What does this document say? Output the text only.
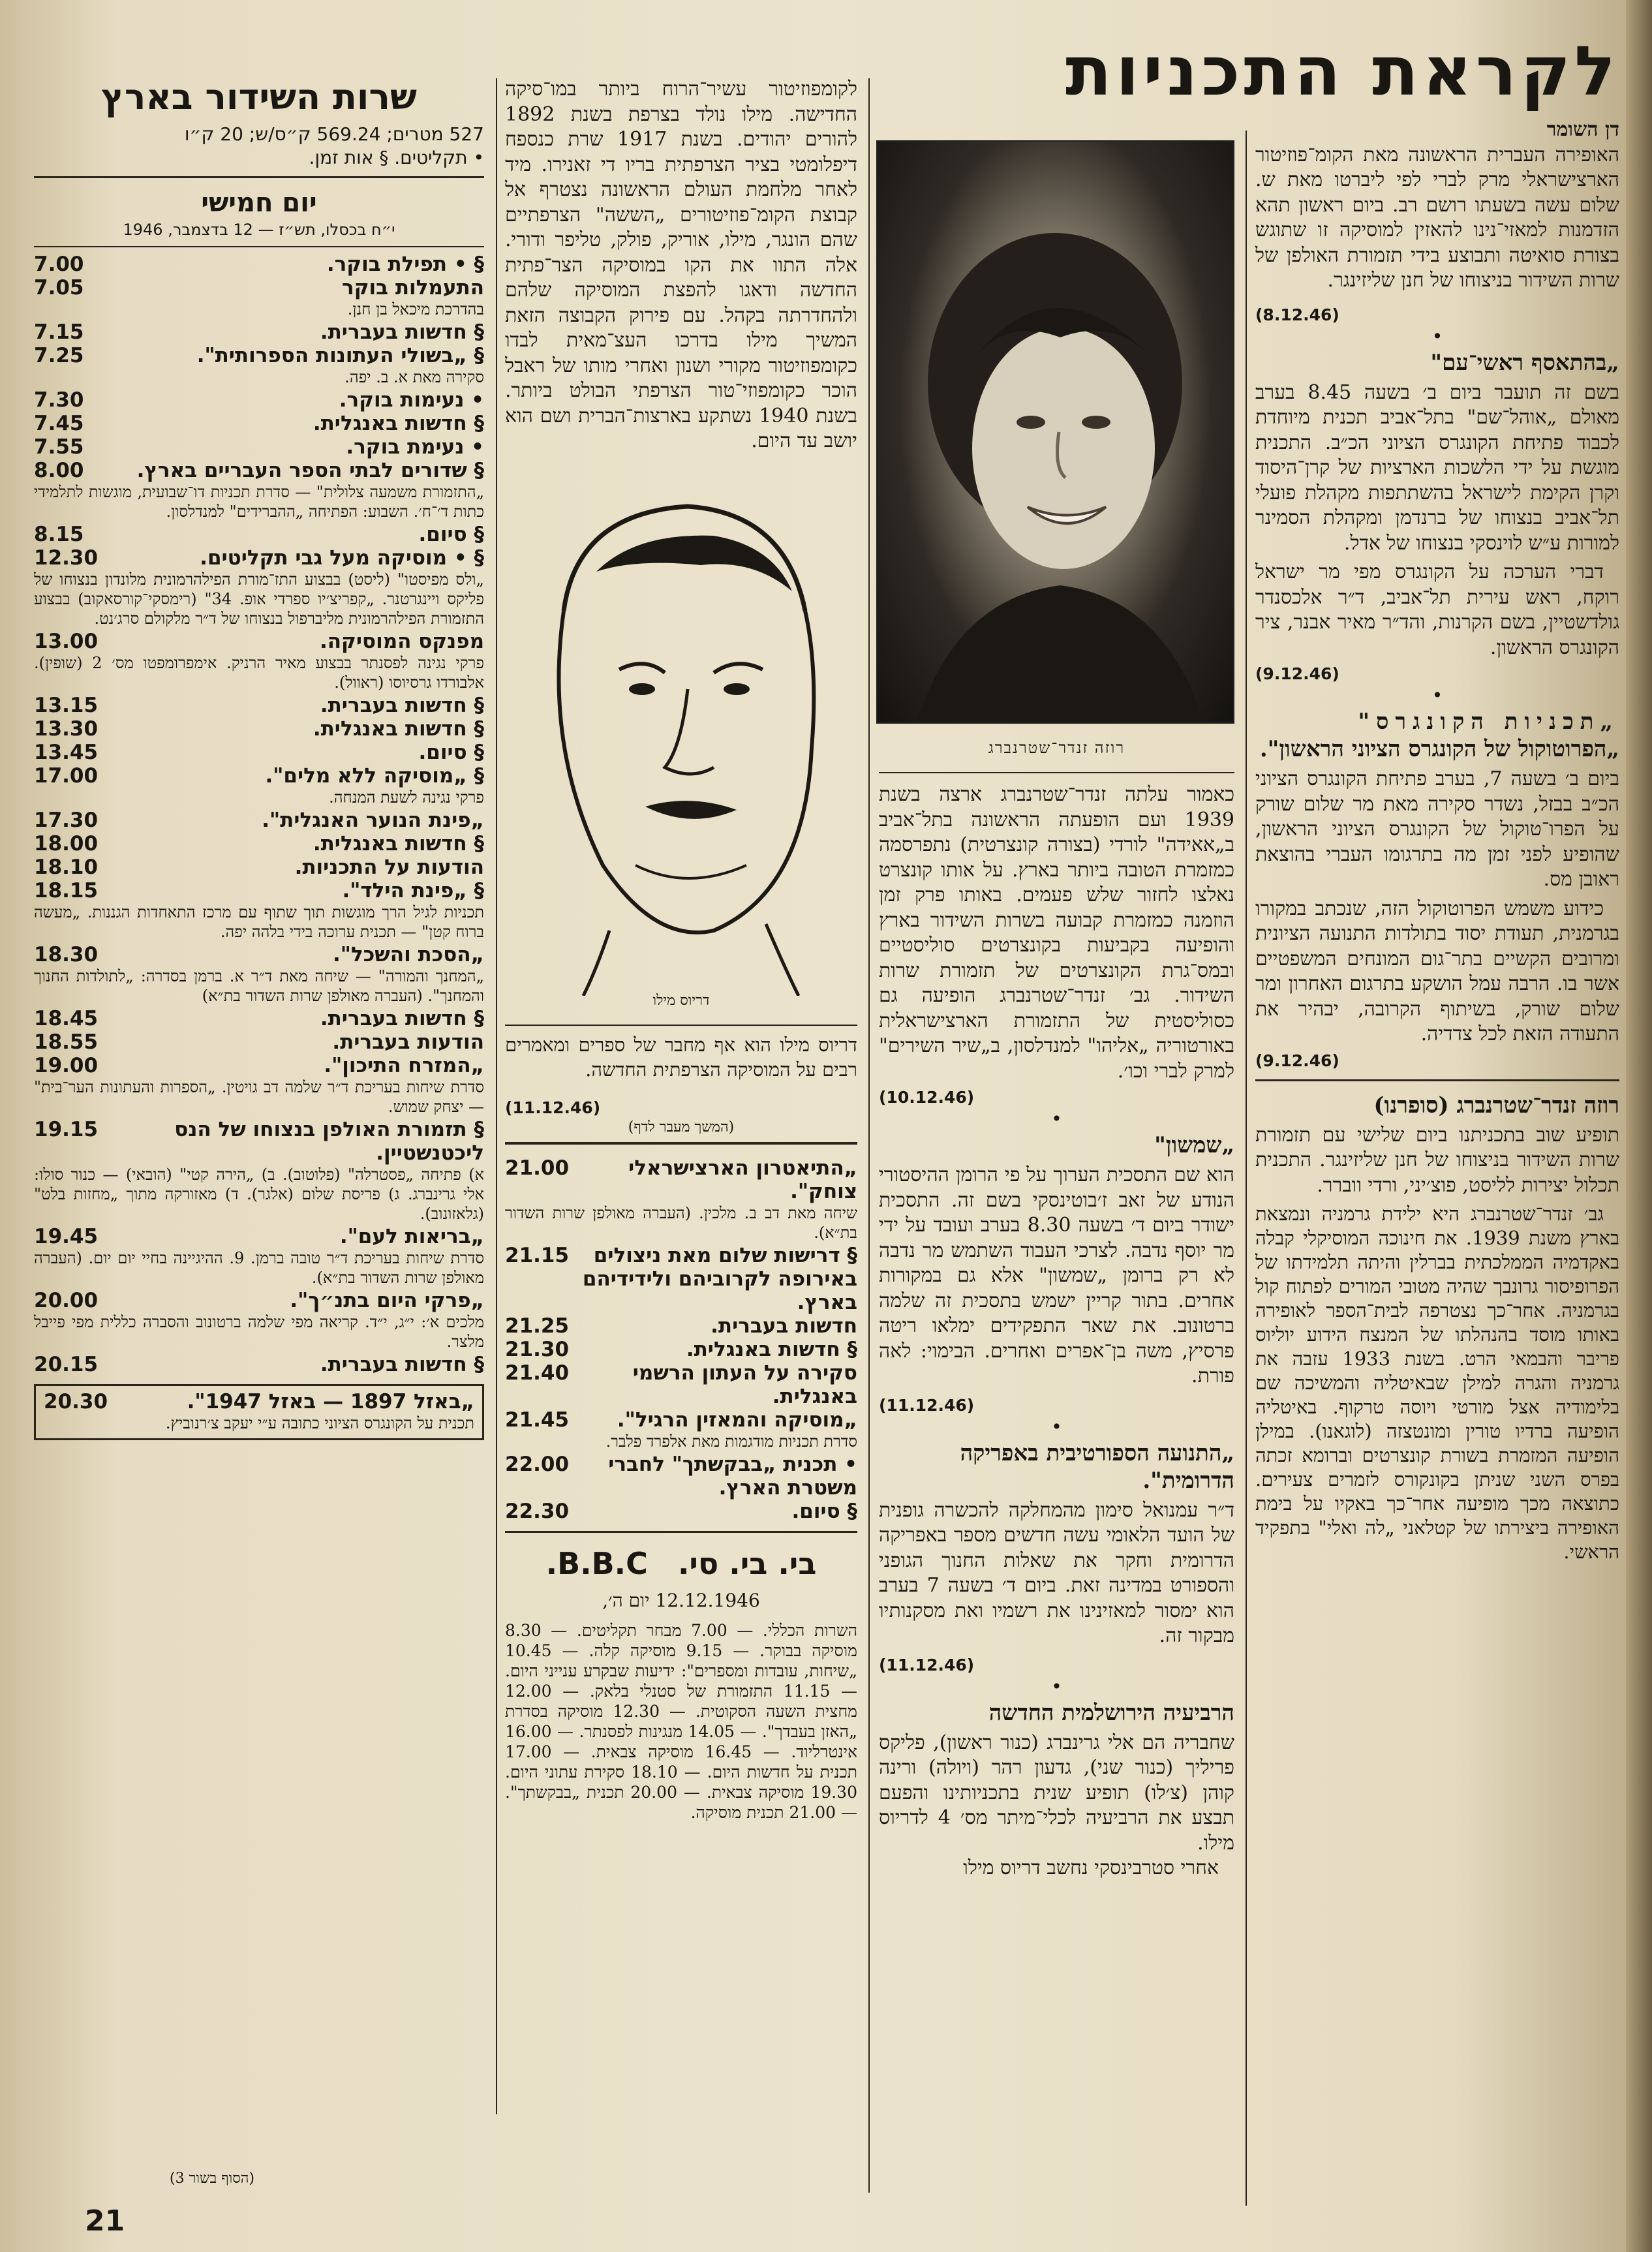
לקראת התכניות

דן השומר

האופירה העברית הראשונה מאת הקומ־פוזיטור הארצישראלי מרק לברי לפי ליברטו מאת ש. שלום עשה בשעתו רושם רב. ביום ראשון תהא הזדמנות למאזי־נינו להאזין למוסיקה זו שתוגש בצורת סואיטה ותבוצע בידי תזמורת האולפן של שרות השידור בניצוחו של חנן שליזינגר.

(8.12.46)

•

„בהתאסף ראשי־עם"

בשם זה תועבר ביום ב׳ בשעה 8.45 בערב מאולם „אוהל־שם" בתל־אביב תכנית מיוחדת לכבוד פתיחת הקונגרס הציוני הכ״ב. התכנית מוגשת על ידי הלשכות הארציות של קרן־היסוד וקרן הקימת לישראל בהשתתפות מקהלת פועלי תל־אביב בנצוחו של ברנדמן ומקהלת הסמינר למורות ע״ש לוינסקי בנצוחו של אדל.

דברי הערכה על הקונגרס מפי מר ישראל רוקח, ראש עירית תל־אביב, ד״ר אלכסנדר גולדשטיין, בשם הקרנות, והד״ר מאיר אבנר, ציר הקונגרס הראשון.

(9.12.46)

•

„תכניות הקונגרס"

„הפרוטוקול של הקונגרס הציוני הראשון".

ביום ב׳ בשעה 7, בערב פתיחת הקונגרס הציוני הכ״ב בבזל, נשדר סקירה מאת מר שלום שורק על הפרו־טוקול של הקונגרס הציוני הראשון, שהופיע לפני זמן מה בתרגומו העברי בהוצאת ראובן מס.

כידוע משמש הפרוטוקול הזה, שנכתב במקורו בגרמנית, תעודת יסוד בתולדות התנועה הציונית ומרובים הקשיים בתר־גום המונחים המשפטיים אשר בו. הרבה עמל הושקע בתרגום האחרון ומר שלום שורק, בשיתוף הקרובה, יבהיר את התעודה הזאת לכל צדדיה.

(9.12.46)

רוזה זנדר־שטרנברג (סופרנו)

תופיע שוב בתכניתנו ביום שלישי עם תזמורת שרות השידור בניצוחו של חנן שליזינגר. התכנית תכלול יצירות לליסט, פוצ׳יני, ורדי ווברר.

גב׳ זנדר־שטרנברג היא ילידת גרמניה ונמצאת בארץ משנת 1939. את חינוכה המוסיקלי קבלה באקדמיה הממלכתית בברלין והיתה תלמידתו של הפרופיסור גרונבך שהיה מטובי המורים לפתוח קול בגרמניה. אחר־כך נצטרפה לבית־הספר לאופירה באותו מוסד בהנהלתו של המנצח הידוע יוליוס פריבר והבמאי הרט. בשנת 1933 עזבה את גרמניה והגרה למילן שבאיטליה והמשיכה שם בלימודיה אצל מורטי ויוסה טרקוף. באיטליה הופיעה ברדיו טורין ומונטצזה (לוגאנו). במילן הופיעה המזמרת בשורת קונצרטים וברומא זכתה בפרס השני שניתן בקונקורס לזמרים צעירים. כתוצאה מכך מופיעה אחר־כך באקיו על בימת האופירה ביצירתו של קטלאני „לה ואלי" בתפקיד הראשי.

רוזה זנדר־שטרנברג

כאמור עלתה זנדר־שטרנברג ארצה בשנת 1939 ועם הופעתה הראשונה בתל־אביב ב„אאידה" לורדי (בצורה קונצרטית) נתפרסמה כמזמרת הטובה ביותר בארץ. על אותו קונצרט נאלצו לחזור שלש פעמים. באותו פרק זמן הוזמנה כמזמרת קבועה בשרות השידור בארץ והופיעה בקביעות בקונצרטים סוליסטיים ובמס־גרת הקונצרטים של תזמורת שרות השידור. גב׳ זנדר־שטרנברג הופיעה גם כסוליסטית של התזמורת הארצישראלית באורטוריה „אליהו" למנדלסון, ב„שיר השירים" למרק לברי וכו׳.

(10.12.46)

•

„שמשון"

הוא שם התסכית הערוך על פי הרומן ההיסטורי הנודע של זאב ז׳בוטינסקי בשם זה. התסכית ישודר ביום ד׳ בשעה 8.30 בערב ועובד על ידי מר יוסף נדבה. לצרכי העבוד השתמש מר נדבה לא רק ברומן „שמשון" אלא גם במקורות אחרים. בתור קריין ישמש בתסכית זה שלמה ברטונוב. את שאר התפקידים ימלאו ריטה פרסיץ, משה בן־אפרים ואחרים. הבימוי: לאה פורת.

(11.12.46)

•

„התנועה הספורטיבית באפריקה הדרומית".

ד״ר עמנואל סימון מהמחלקה להכשרה גופנית של הועד הלאומי עשה חדשים מספר באפריקה הדרומית וחקר את שאלות החנוך הגופני והספורט במדינה זאת. ביום ד׳ בשעה 7 בערב הוא ימסור למאזינינו את רשמיו ואת מסקנותיו מבקור זה.

(11.12.46)

•

הרביעיה הירושלמית החדשה

שחבריה הם אלי גרינברג (כנור ראשון), פליקס פריליך (כנור שני), גדעון רהר (ויולה) ורינה קוהן (צ׳לו) תופיע שנית בתכניותינו והפעם תבצע את הרביעיה לכלי־מיתר מס׳ 4 לדריוס מילו.

אחרי סטרבינסקי נחשב דריוס מילו

לקומפוזיטור עשיר־הרוח ביותר במו־סיקה החדישה. מילו נולד בצרפת בשנת 1892 להורים יהודים. בשנת 1917 שרת כנספח דיפלומטי בציר הצרפתית בריו די זאנירו. מיד לאחר מלחמת העולם הראשונה נצטרף אל קבוצת הקומ־פוזיטורים „הששה" הצרפתיים שהם הונגר, מילו, אוריק, פולק, טליפר ודורי. אלה התוו את הקו במוסיקה הצר־פתית החדשה ודאגו להפצת המוסיקה שלהם ולהחדרתה בקהל. עם פירוק הקבוצה הזאת המשיך מילו בדרכו העצ־מאית לבדו כקומפוזיטור מקורי ושנון ואחרי מותו של ראבל הוכר כקומפוזי־טור הצרפתי הבולט ביותר. בשנת 1940 נשתקע בארצות־הברית ושם הוא יושב עד היום.

דריוס מילו

דריוס מילו הוא אף מחבר של ספרים ומאמרים רבים על המוסיקה הצרפתית החדשה.

(11.12.46)

(המשך מעבר לדף)
„התיאטרון הארצישראלי צוחק".
21.00

שיחה מאת דב ב. מלכין. (העברה מאולפן שרות השדור בת״א).

§ דרישות שלום מאת ניצולים באירופה לקרוביהם ולידידיהם בארץ.
21.15
חדשות בעברית.
21.25
§ חדשות באנגלית.
21.30
סקירה על העתון הרשמי באנגלית.
21.40
„מוסיקה והמאזין הרגיל".
21.45

סדרת תכניות מודגמות מאת אלפרד פלבר.

• תכנית „בבקשתך" לחברי משטרת הארץ.
22.00
§ סיום.
22.30
בי. בי. סי. B.B.C.
12.12.1946 יום ה׳,

השרות הכללי. — 7.00 מבחר תקליטים. — 8.30 מוסיקה בבוקר. — 9.15 מוסיקה קלה. — 10.45 „שיחות, עובדות ומספרים": ידיעות שבקרע ענייני היום. — 11.15 התזמורת של סטנלי בלאק. — 12.00 מחצית השעה הסקוטית. — 12.30 מוסיקה בסדרת „האזן בעבדך". — 14.05 מנגינות לפסנתר. — 16.00 אינטרליוד. — 16.45 מוסיקה צבאית. — 17.00 תכנית על חדשות היום. — 18.10 סקירת עתוני היום. 19.30 מוסיקה צבאית. — 20.00 תכנית „בבקשתך". — 21.00 תכנית מוסיקה.

שרות השידור בארץ
527 מטרים; 569.24 ק״ס/ש; 20 ק״ו
• תקליטים. § אות זמן.
יום חמישי
י״ח בכסלו, תש״ז — 12 בדצמבר, 1946
§ • תפילת בוקר.
7.00
התעמלות בוקר
7.05

בהדרכת מיכאל בן חנן.

§ חדשות בעברית.
7.15
§ „בשולי העתונות הספרותית".
7.25

סקירה מאת א. ב. יפה.

• נעימות בוקר.
7.30
§ חדשות באנגלית.
7.45
• נעימת בוקר.
7.55
§ שדורים לבתי הספר העבריים בארץ.
8.00

„התזמורת משמעה צלולית" — סדרת תכניות דו־שבועית, מוגשות לתלמידי כתות ד׳־ח׳. השבוע: הפתיחה „ההברידים" למנדלסון.

§ סיום.
8.15
§ • מוסיקה מעל גבי תקליטים.
12.30

„ולס מפיסטו" (ליסט) בבצוע התז־מורת הפילהרמונית מלונדון בנצוחו של פליקס ויינגרטנר. „קפריצ׳יו ספרדי אופ. 34" (רימסקי־קורסאקוב) בבצוע התזמורת הפילהרמונית מליברפול בנצוחו של ד״ר מלקולם סרג׳נט.

מפנקס המוסיקה.
13.00

פרקי נגינה לפסנתר בבצוע מאיר הרניק. אימפרומפטו מס׳ 2 (שופין). אלבורדו גרסיוסו (ראוול).

§ חדשות בעברית.
13.15
§ חדשות באנגלית.
13.30
§ סיום.
13.45
§ „מוסיקה ללא מלים".
17.00

פרקי נגינה לשעת המנחה.

„פינת הנוער האנגלית".
17.30
§ חדשות באנגלית.
18.00
הודעות על התכניות.
18.10
§ „פינת הילד".
18.15

תכניות לגיל הרך מוגשות תוך שתוף עם מרכז התאחדות הגננות. „מעשה ברוח קטן" — תכנית ערוכה בידי בלהה יפה.

„הסכת והשכל".
18.30

„המחנך והמורה" — שיחה מאת ד״ר א. ברמן בסדרה: „לתולדות החנוך והמחנך". (העברה מאולפן שרות השדור בת״א)

§ חדשות בעברית.
18.45
הודעות בעברית.
18.55
„המזרח התיכון".
19.00

סדרת שיחות בעריכת ד״ר שלמה דב גויטין. „הספרות והעתונות הער־בית" — יצחק שמוש.

§ תזמורת האולפן בנצוחו של הנס ליכטנשטיין.
19.15

א) פתיחה „פסטרלה" (פלוטוב). ב) „הירה קטי" (הובאי) — כנור סולו: אלי גרינברג. ג) פריסת שלום (אלגר). ד) מאזורקה מתוך „מחזות בלט" (גלאזונוב).

„בריאות לעם".
19.45

סדרת שיחות בעריכת ד״ר טובה ברמן. 9. ההיגיינה בחיי יום יום. (העברה מאולפן שרות השדור בת״א).

„פרקי היום בתנ״ך".
20.00

מלכים א׳: י״ג, י״ד. קריאה מפי שלמה ברטונוב והסברה כללית מפי פייבל מלצר.

§ חדשות בעברית.
20.15
„באזל 1897 — באזל 1947".
20.30

תכנית על הקונגרס הציוני כתובה ע״י יעקב צ׳רנוביץ.

(הסוף בשור 3)
21
